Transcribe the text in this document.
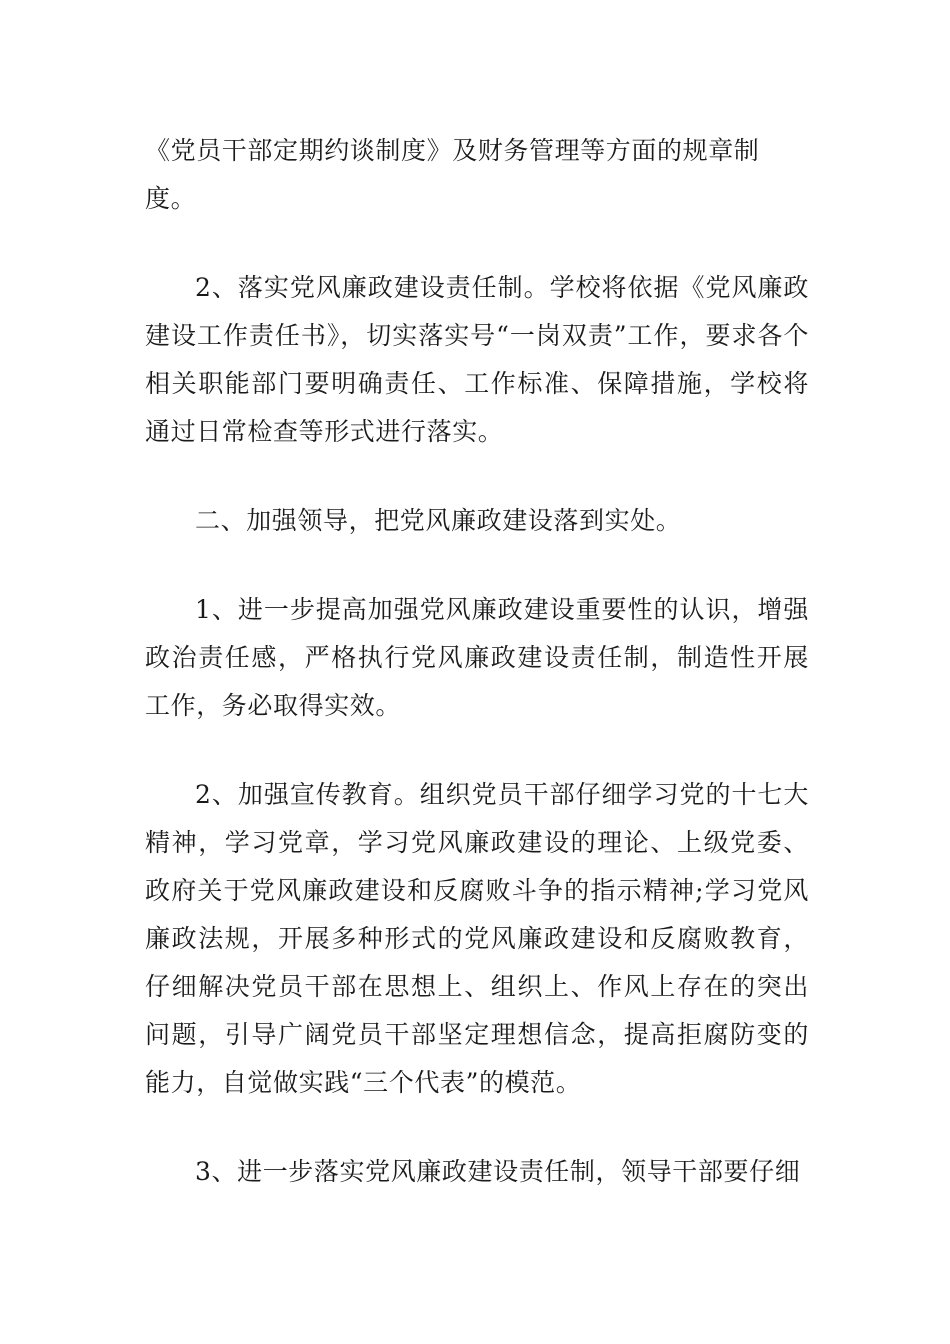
《党员干部定期约谈制度》及财务管理等方面的规章制度。

2、落实党风廉政建设责任制。学校将依据《党风廉政建设工作责任书》，切实落实号“一岗双责”工作，要求各个相关职能部门要明确责任、工作标准、保障措施，学校将通过日常检查等形式进行落实。

二、加强领导，把党风廉政建设落到实处。

1、进一步提高加强党风廉政建设重要性的认识，增强政治责任感，严格执行党风廉政建设责任制，制造性开展工作，务必取得实效。

2、加强宣传教育。组织党员干部仔细学习党的十七大精神，学习党章，学习党风廉政建设的理论、上级党委、政府关于党风廉政建设和反腐败斗争的指示精神;学习党风廉政法规，开展多种形式的党风廉政建设和反腐败教育，仔细解决党员干部在思想上、组织上、作风上存在的突出问题，引导广阔党员干部坚定理想信念，提高拒腐防变的能力，自觉做实践“三个代表”的模范。

3、进一步落实党风廉政建设责任制，领导干部要仔细
